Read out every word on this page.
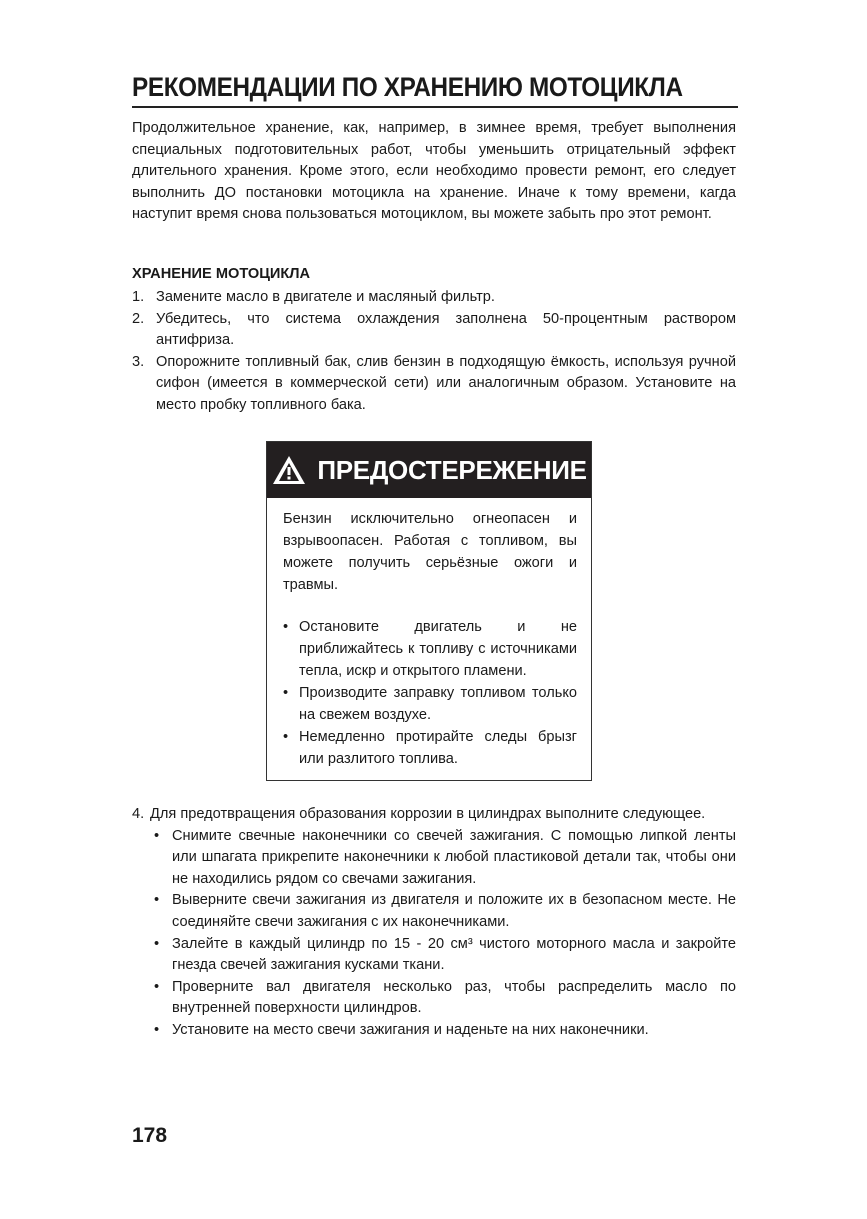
РЕКОМЕНДАЦИИ ПО ХРАНЕНИЮ МОТОЦИКЛА
Продолжительное хранение, как, например, в зимнее время, требует выполнения специальных подготовительных работ, чтобы уменьшить отрицательный эффект длительного хранения. Кроме этого, если необходимо провести ремонт, его следует выполнить ДО постановки мотоцикла на хранение. Иначе к тому времени, кагда наступит время снова пользоваться мотоциклом, вы можете забыть про этот ремонт.
ХРАНЕНИЕ МОТОЦИКЛА
1. Замените масло в двигателе и масляный фильтр.
2. Убедитесь, что система охлаждения заполнена 50-процентным раствором антифриза.
3. Опорожните топливный бак, слив бензин в подходящую ёмкость, используя ручной сифон (имеется в коммерческой сети) или аналогичным образом. Установите на место пробку топливного бака.
ПРЕДОСТЕРЕЖЕНИЕ

Бензин исключительно огнеопасен и взрывоопасен. Работая с топливом, вы можете получить серьёзные ожоги и травмы.

• Остановите двигатель и не приближайтесь к топливу с источниками тепла, искр и открытого пламени.
• Производите заправку топливом только на свежем воздухе.
• Немедленно протирайте следы брызг или разлитого топлива.
4. Для предотвращения образования коррозии в цилиндрах выполните следующее.
• Снимите свечные наконечники со свечей зажигания. С помощью липкой ленты или шпагата прикрепите наконечники к любой пластиковой детали так, чтобы они не находились рядом со свечами зажигания.
• Выверните свечи зажигания из двигателя и положите их в безопасном месте. Не соединяйте свечи зажигания с их наконечниками.
• Залейте в каждый цилиндр по 15 - 20 см³ чистого моторного масла и закройте гнезда свечей зажигания кусками ткани.
• Проверните вал двигателя несколько раз, чтобы распределить масло по внутренней поверхности цилиндров.
• Установите на место свечи зажигания и наденьте на них наконечники.
178
